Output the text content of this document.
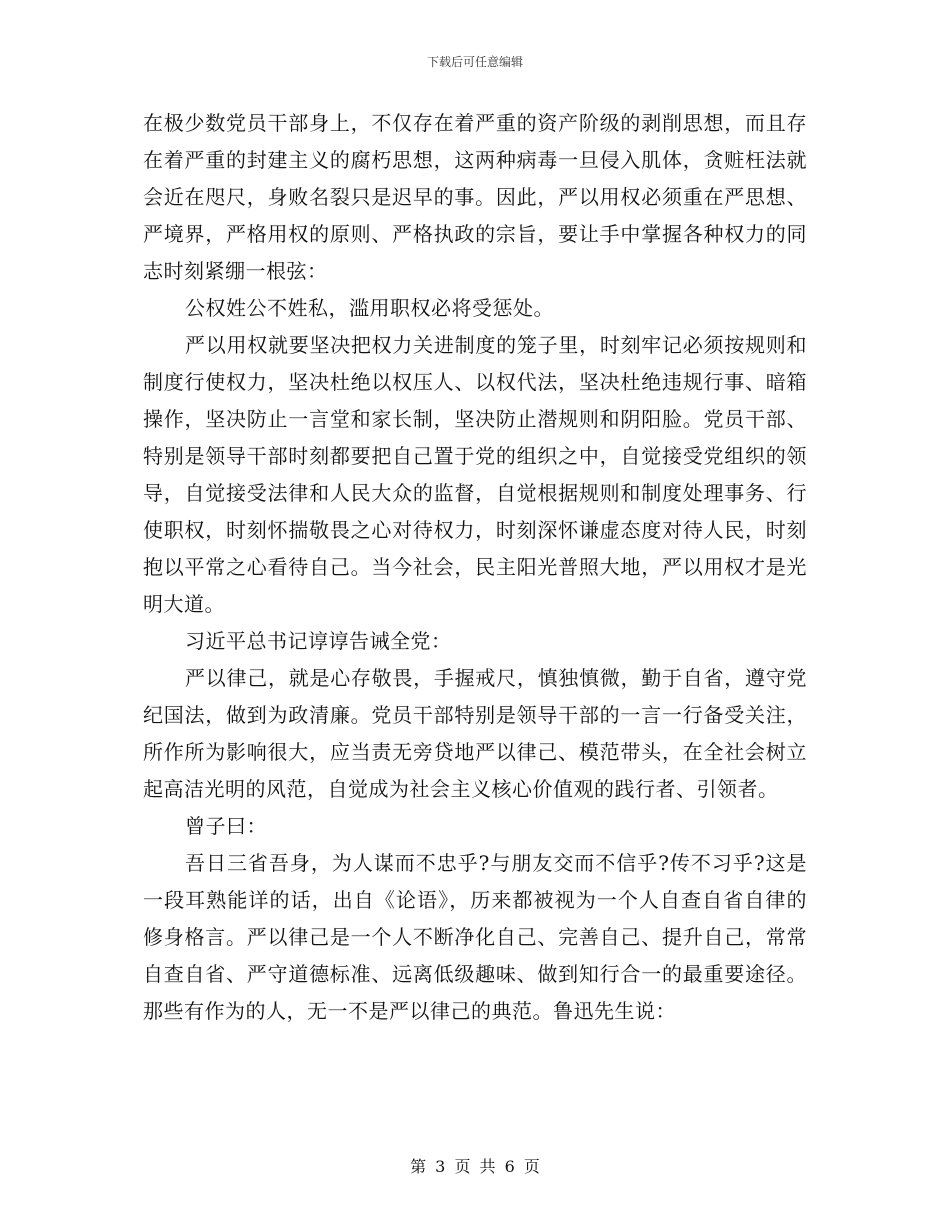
下载后可任意编辑

在极少数党员干部身上，不仅存在着严重的资产阶级的剥削思想，而且存在着严重的封建主义的腐朽思想，这两种病毒一旦侵入肌体，贪赃枉法就会近在咫尺，身败名裂只是迟早的事。因此，严以用权必须重在严思想、严境界，严格用权的原则、严格执政的宗旨，要让手中掌握各种权力的同志时刻紧绷一根弦：

公权姓公不姓私，滥用职权必将受惩处。

严以用权就要坚决把权力关进制度的笼子里，时刻牢记必须按规则和制度行使权力，坚决杜绝以权压人、以权代法，坚决杜绝违规行事、暗箱操作，坚决防止一言堂和家长制，坚决防止潜规则和阴阳脸。党员干部、特别是领导干部时刻都要把自己置于党的组织之中，自觉接受党组织的领导，自觉接受法律和人民大众的监督，自觉根据规则和制度处理事务、行使职权，时刻怀揣敬畏之心对待权力，时刻深怀谦虚态度对待人民，时刻抱以平常之心看待自己。当今社会，民主阳光普照大地，严以用权才是光明大道。

习近平总书记谆谆告诫全党：

严以律己，就是心存敬畏，手握戒尺，慎独慎微，勤于自省，遵守党纪国法，做到为政清廉。党员干部特别是领导干部的一言一行备受关注，所作所为影响很大，应当责无旁贷地严以律己、模范带头，在全社会树立起高洁光明的风范，自觉成为社会主义核心价值观的践行者、引领者。

曾子曰：

吾日三省吾身，为人谋而不忠乎?与朋友交而不信乎?传不习乎?这是一段耳熟能详的话，出自《论语》，历来都被视为一个人自查自省自律的修身格言。严以律己是一个人不断净化自己、完善自己、提升自己，常常自查自省、严守道德标准、远离低级趣味、做到知行合一的最重要途径。那些有作为的人，无一不是严以律己的典范。鲁迅先生说：

第 3 页 共 6 页
